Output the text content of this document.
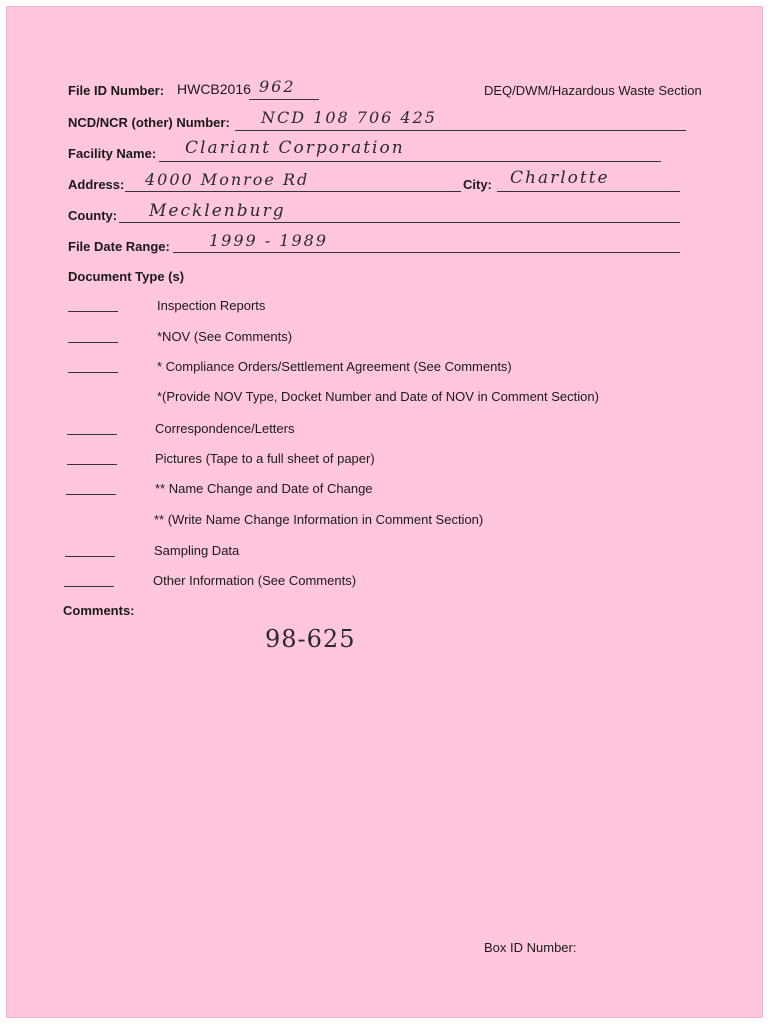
File ID Number: HWCB2016 962	DEQ/DWM/Hazardous Waste Section
NCD/NCR (other) Number: NCD 108 706 425
Facility Name: Clariant Corporation
Address: 4000 Monroe Rd	City: Charlotte
County: Mecklenburg
File Date Range: 1999 - 1989
Document Type (s)
Inspection Reports
*NOV (See Comments)
* Compliance Orders/Settlement Agreement (See Comments)
*(Provide NOV Type, Docket Number and Date of NOV in Comment Section)
Correspondence/Letters
Pictures (Tape to a full sheet of paper)
** Name Change and Date of Change
** (Write Name Change Information in Comment Section)
Sampling Data
Other Information (See Comments)
Comments:
98-625
Box ID Number:
